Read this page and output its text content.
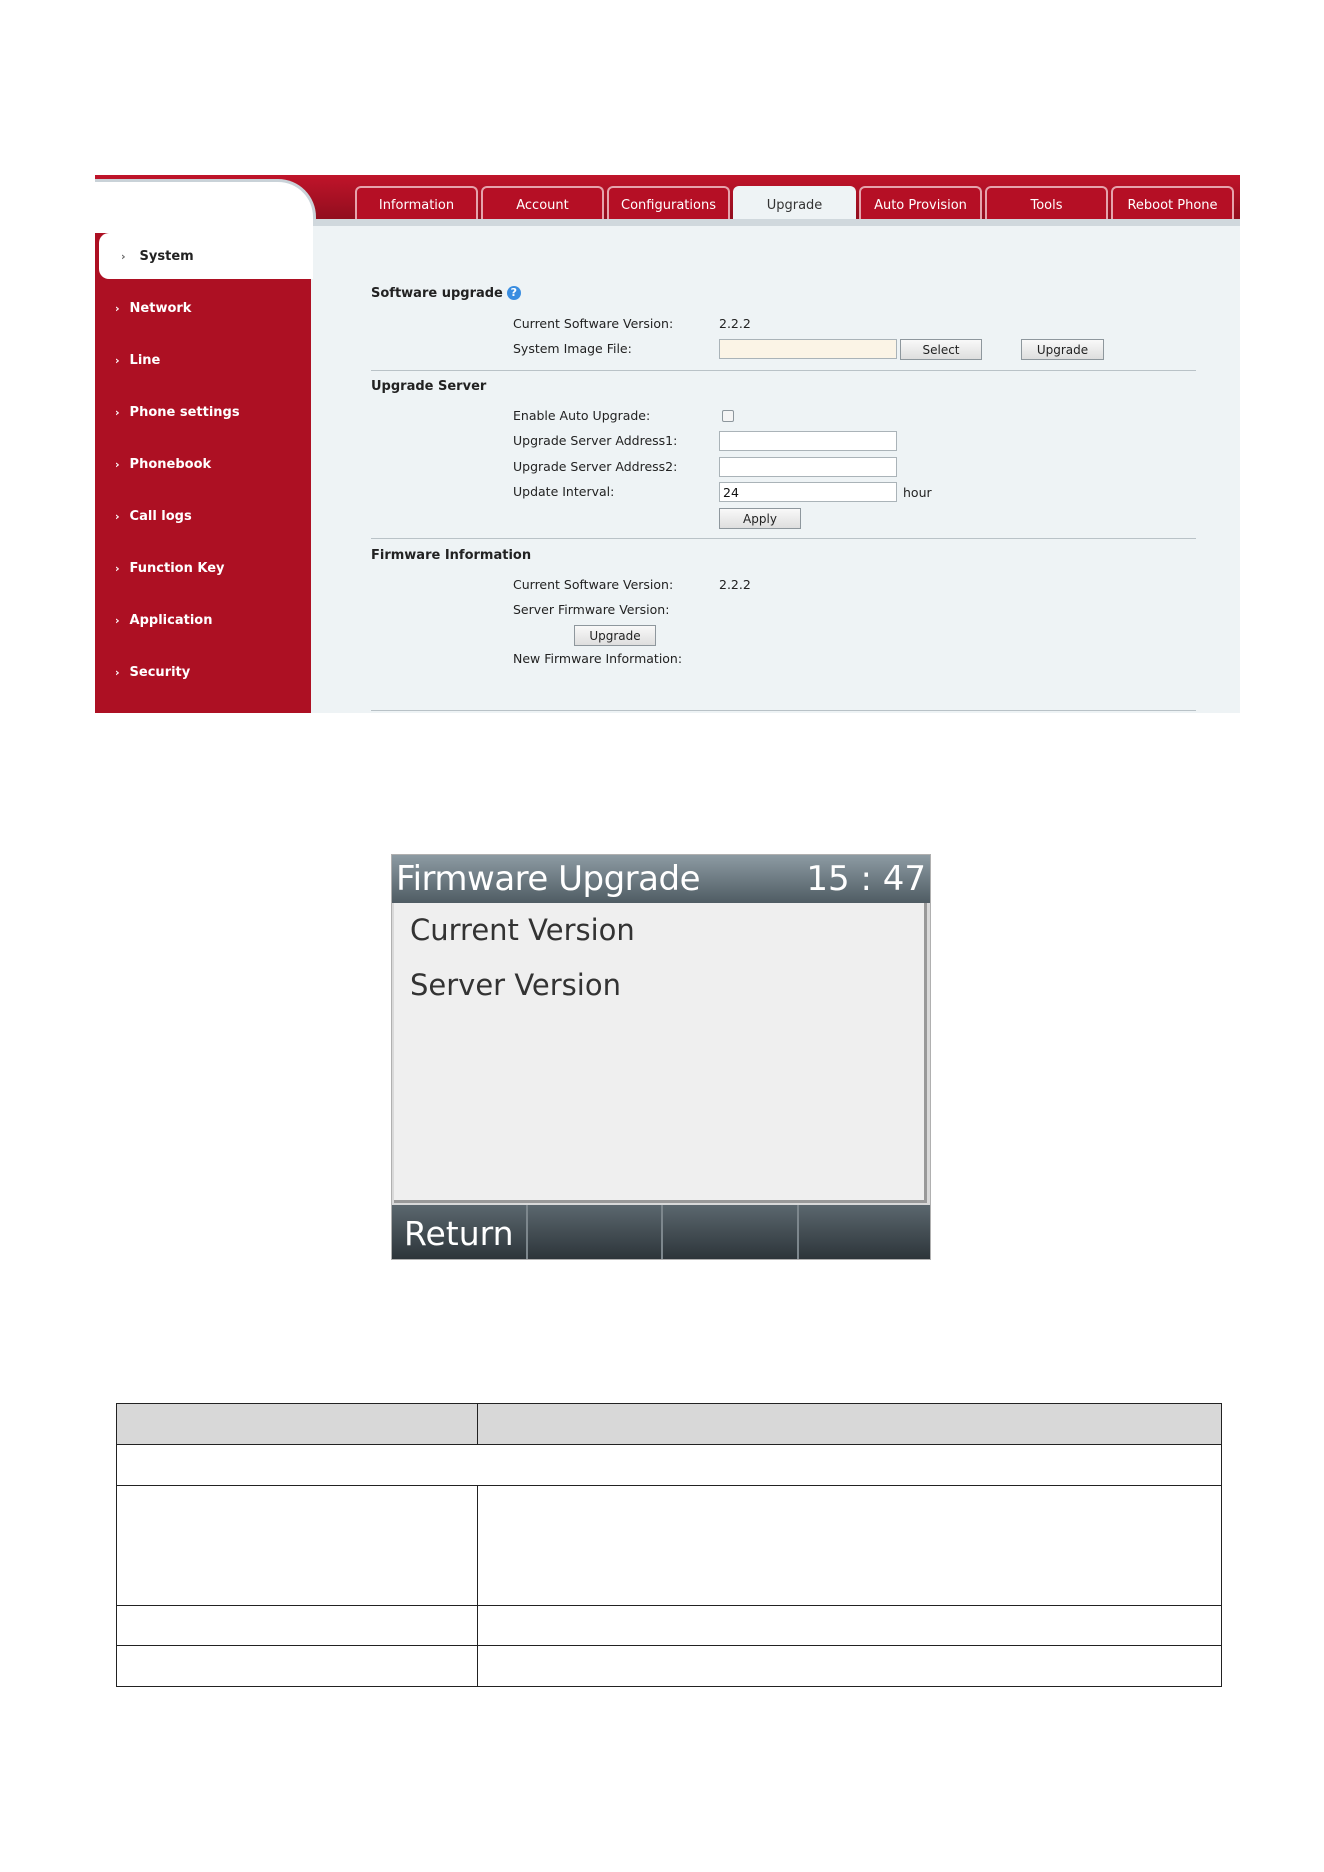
Information	Account	Configurations	Upgrade	Auto Provision	Tools	Reboot Phone
› System
› Network
› Line
› Phone settings
› Phonebook
› Call logs
› Function Key
› Application
› Security
Software upgrade ?
Current Software Version:	2.2.2
System Image File:	Select	Upgrade
Upgrade Server
Enable Auto Upgrade:
Upgrade Server Address1:
Upgrade Server Address2:
Update Interval:
24	hour
Apply
Firmware Information
Current Software Version:	2.2.2
Server Firmware Version:
Upgrade
New Firmware Information:
Firmware Upgrade	15 : 47
Current Version
Server Version
Return
